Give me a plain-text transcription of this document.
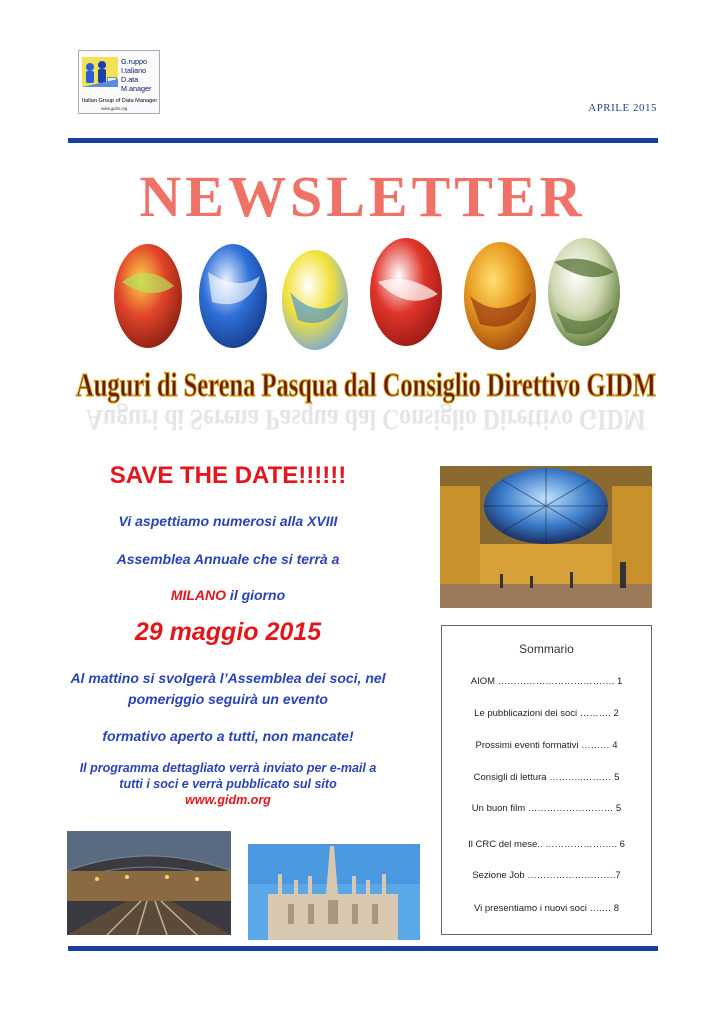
G.ruppo
I.taliano
D.ata
M.anager
Italian Group of Data Manager
www.gidm.org	APRILE 2015
NEWSLETTER
Auguri di Serena Pasqua dal Consiglio Direttivo GIDM
Auguri di Serena Pasqua dal Consiglio Direttivo GIDM
SAVE THE DATE!!!!!!
Vi aspettiamo numerosi alla XVIII
Assemblea Annuale che si terrà a
MILANO il giorno
29 maggio 2015
Al mattino si svolgerà l’Assemblea dei soci, nel pomeriggio seguirà un evento
formativo aperto a tutti, non mancate!
Il programma dettagliato verrà inviato per e-mail a tutti i soci e verrà pubblicato sul sito
www.gidm.org
Sommario
AIOM ………………………………. 1
Le pubblicazioni dei soci ………. 2
Prossimi eventi formativi ……… 4
Consigli di lettura ………..……… 5
Un buon film ……………………… 5
Il CRC del mese.. ………………….. 6
Sezione Job ……………………….7
Vi presentiamo i nuovi soci ….… 8
